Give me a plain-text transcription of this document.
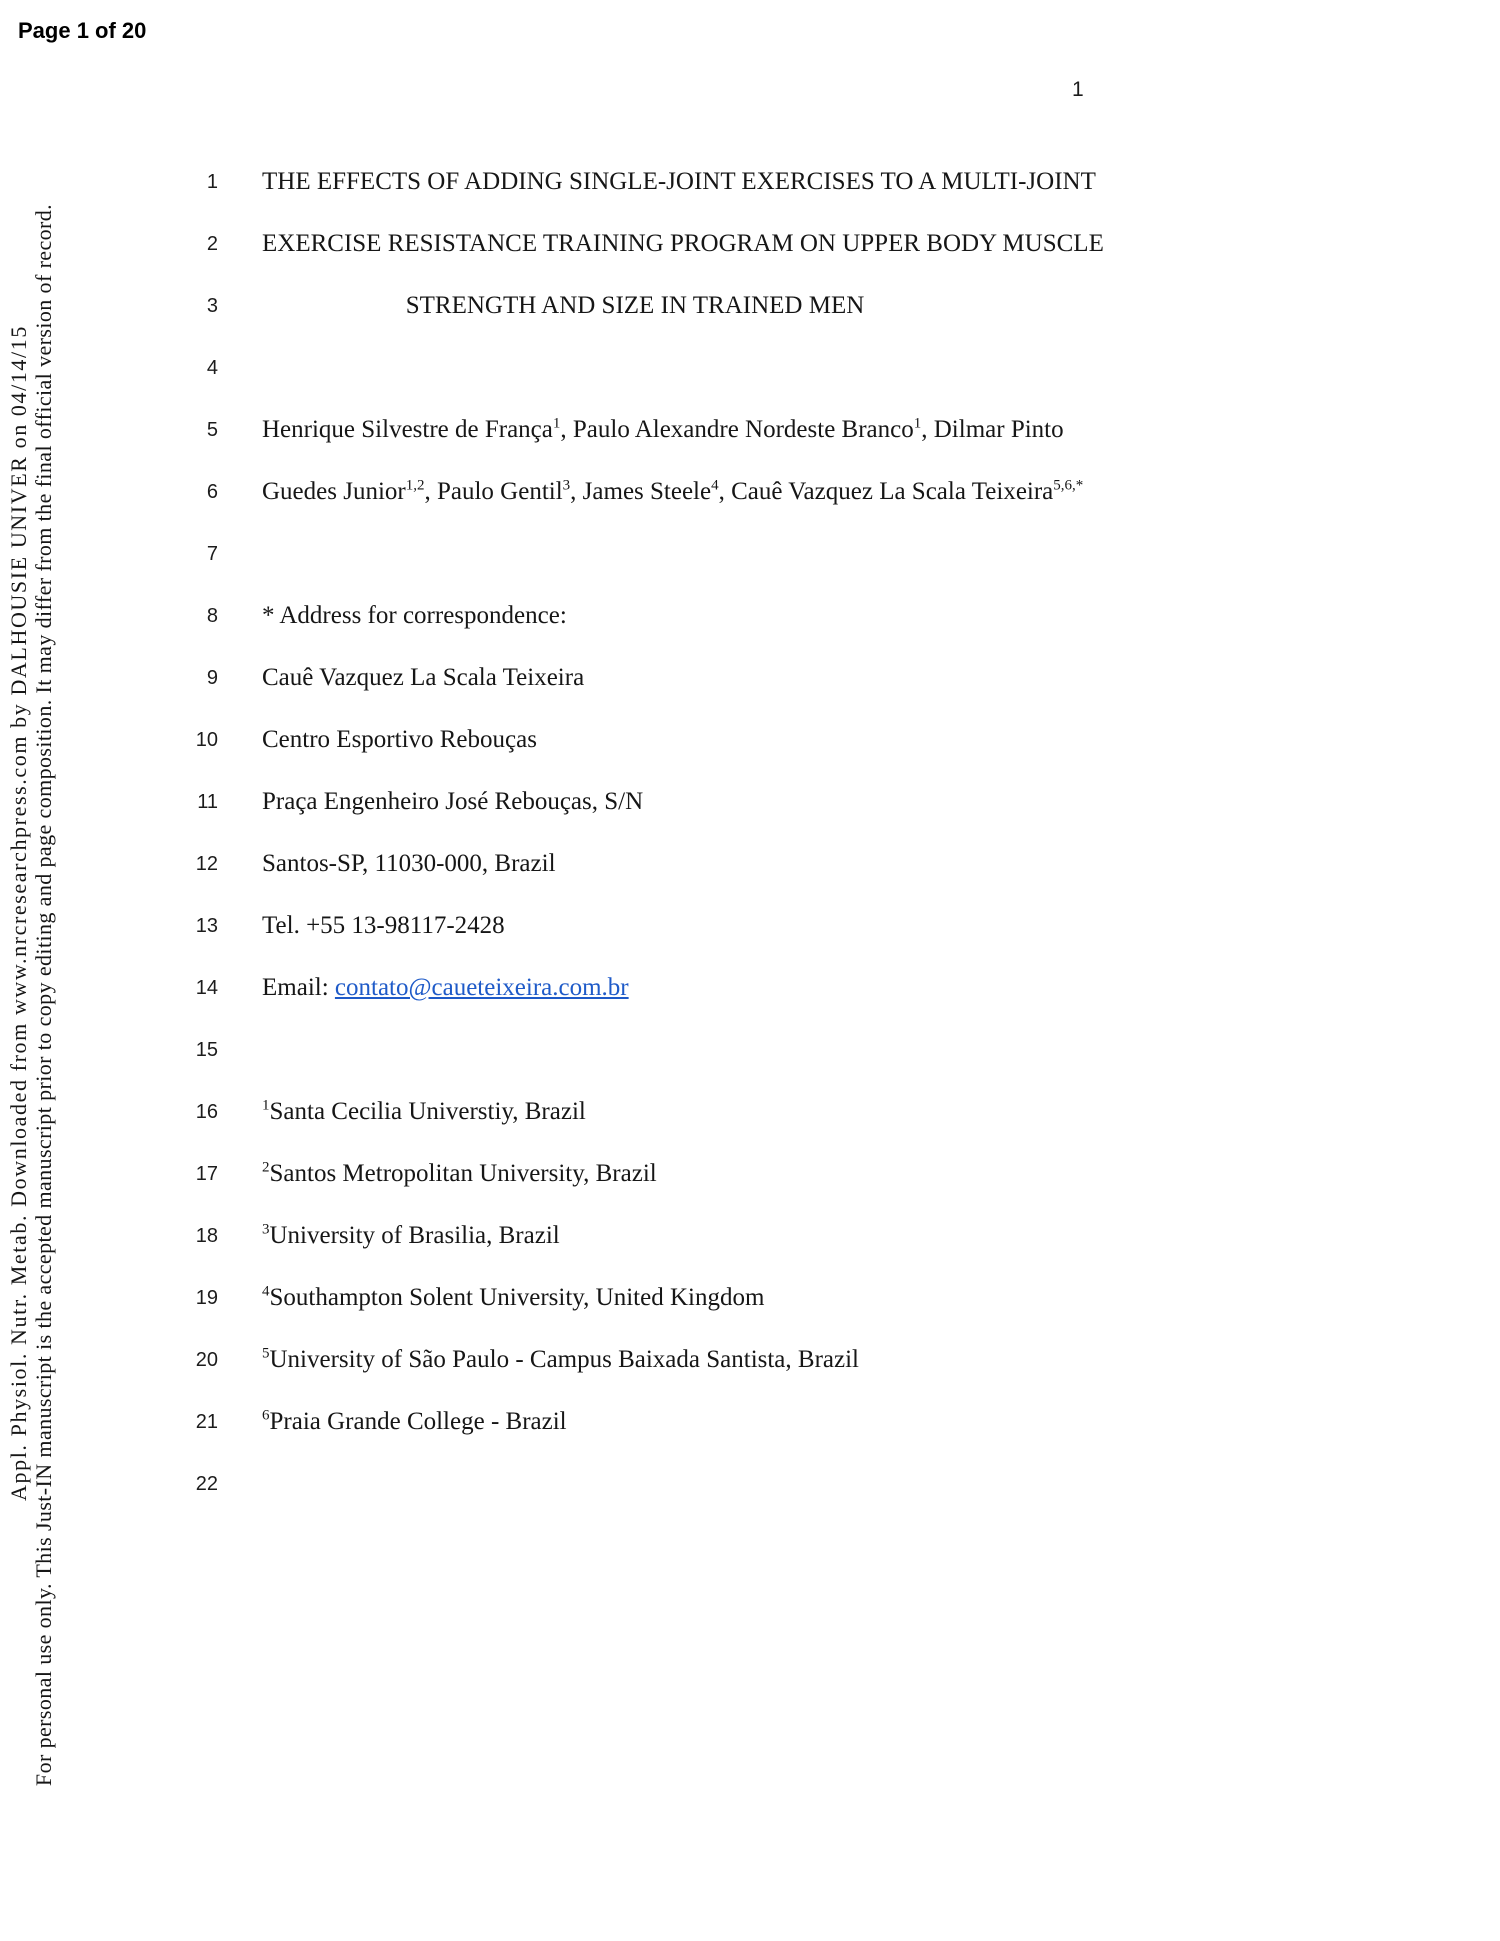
Page 1 of 20
1
Appl. Physiol. Nutr. Metab. Downloaded from www.nrcresearchpress.com by DALHOUSIE UNIVER on 04/14/15 For personal use only. This Just-IN manuscript is the accepted manuscript prior to copy editing and page composition. It may differ from the final official version of record.
1 THE EFFECTS OF ADDING SINGLE-JOINT EXERCISES TO A MULTI-JOINT
2 EXERCISE RESISTANCE TRAINING PROGRAM ON UPPER BODY MUSCLE
3	STRENGTH AND SIZE IN TRAINED MEN
4
5 Henrique Silvestre de França$^1$, Paulo Alexandre Nordeste Branco$^1$, Dilmar Pinto
6 Guedes Junior$^{1,2}$, Paulo Gentil$^3$, James Steele$^4$, Cauê Vazquez La Scala Teixeira$^{5,6,*}$
7
8 * Address for correspondence:
9 Cauê Vazquez La Scala Teixeira
10 Centro Esportivo Rebouças
11 Praça Engenheiro José Rebouças, S/N
12 Santos-SP, 11030-000, Brazil
13 Tel. +55 13-98117-2428
14 Email: contato@caueteixeira.com.br
15
16	$^1$Santa Cecilia Universtiy, Brazil
17	$^2$Santos Metropolitan University, Brazil
18	$^3$University of Brasilia, Brazil
19	$^4$Southampton Solent University, United Kingdom
20	$^5$University of São Paulo - Campus Baixada Santista, Brazil
21	$^6$Praia Grande College - Brazil
22
